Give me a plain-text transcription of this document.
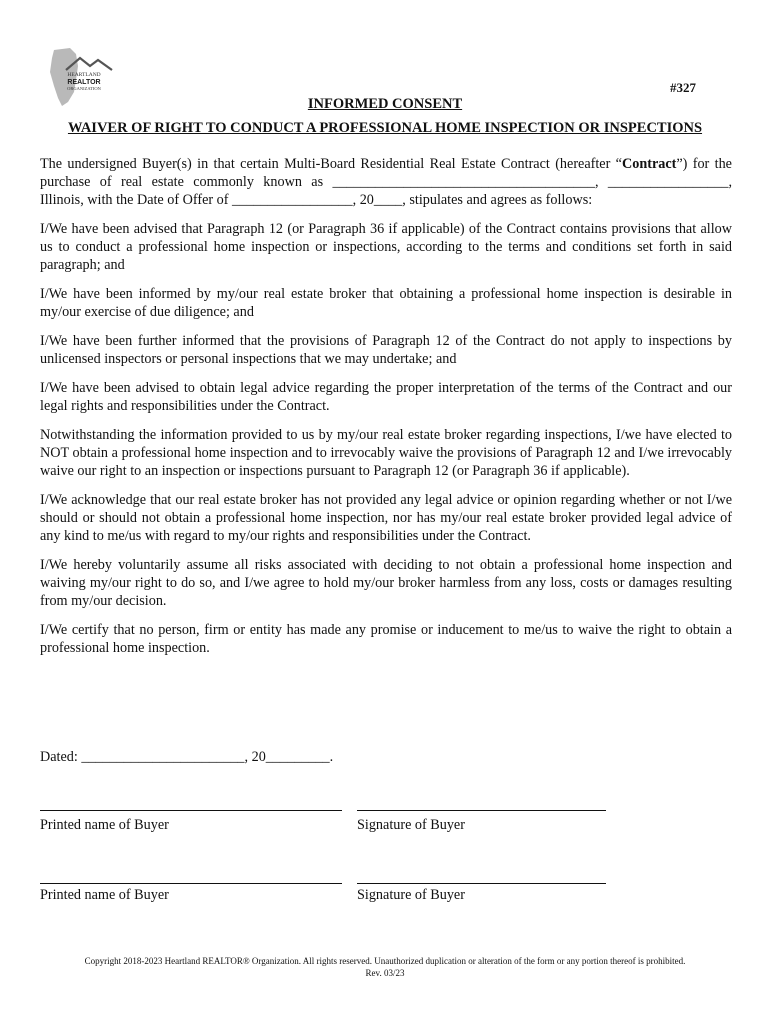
HEARTLAND
REALTOR
ORGANIZATION	#327
INFORMED CONSENT
WAIVER OF RIGHT TO CONDUCT A PROFESSIONAL HOME INSPECTION OR INSPECTIONS

The undersigned Buyer(s) in that certain Multi-Board Residential Real Estate Contract (hereafter “Contract”) for the purchase of real estate commonly known as _____________________________________, _________________, Illinois, with the Date of Offer of _________________, 20____, stipulates and agrees as follows:

I/We have been advised that Paragraph 12 (or Paragraph 36 if applicable) of the Contract contains provisions that allow us to conduct a professional home inspection or inspections, according to the terms and conditions set forth in said paragraph; and

I/We have been informed by my/our real estate broker that obtaining a professional home inspection is desirable in my/our exercise of due diligence; and

I/We have been further informed that the provisions of Paragraph 12 of the Contract do not apply to inspections by unlicensed inspectors or personal inspections that we may undertake; and

I/We have been advised to obtain legal advice regarding the proper interpretation of the terms of the Contract and our legal rights and responsibilities under the Contract.

Notwithstanding the information provided to us by my/our real estate broker regarding inspections, I/we have elected to NOT obtain a professional home inspection and to irrevocably waive the provisions of Paragraph 12 and I/we irrevocably waive our right to an inspection or inspections pursuant to Paragraph 12 (or Paragraph 36 if applicable).

I/We acknowledge that our real estate broker has not provided any legal advice or opinion regarding whether or not I/we should or should not obtain a professional home inspection, nor has my/our real estate broker provided legal advice of any kind to me/us with regard to my/our rights and responsibilities under the Contract.

I/We hereby voluntarily assume all risks associated with deciding to not obtain a professional home inspection and waiving my/our right to do so, and I/we agree to hold my/our broker harmless from any loss, costs or damages resulting from my/our decision.

I/We certify that no person, firm or entity has made any promise or inducement to me/us to waive the right to obtain a professional home inspection.

Dated: _______________________, 20_________.
Printed name of Buyer	Signature of Buyer
Printed name of Buyer	Signature of Buyer
Copyright 2018-2023 Heartland REALTOR® Organization. All rights reserved. Unauthorized duplication or alteration of the form or any portion thereof is prohibited.
Rev. 03/23
